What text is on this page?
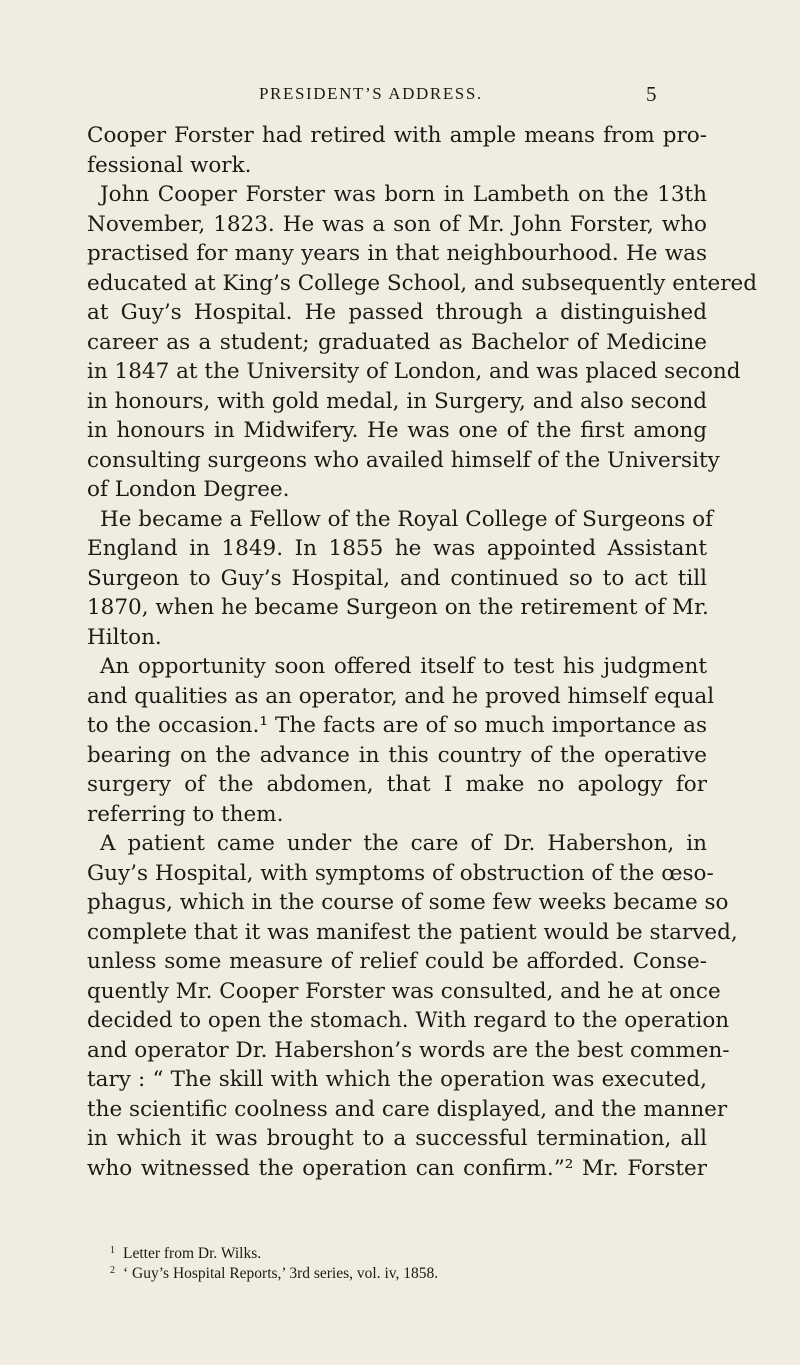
PRESIDENT’S ADDRESS.	5
Cooper Forster had retired with ample means from pro-
fessional work.
John Cooper Forster was born in Lambeth on the 13th
November, 1823. He was a son of Mr. John Forster, who
practised for many years in that neighbourhood. He was
educated at King’s College School, and subsequently entered
at Guy’s Hospital. He passed through a distinguished
career as a student; graduated as Bachelor of Medicine
in 1847 at the University of London, and was placed second
in honours, with gold medal, in Surgery, and also second
in honours in Midwifery. He was one of the first among
consulting surgeons who availed himself of the University
of London Degree.
He became a Fellow of the Royal College of Surgeons of
England in 1849. In 1855 he was appointed Assistant
Surgeon to Guy’s Hospital, and continued so to act till
1870, when he became Surgeon on the retirement of Mr.
Hilton.
An opportunity soon offered itself to test his judgment
and qualities as an operator, and he proved himself equal
to the occasion.¹ The facts are of so much importance as
bearing on the advance in this country of the operative
surgery of the abdomen, that I make no apology for
referring to them.
A patient came under the care of Dr. Habershon, in
Guy’s Hospital, with symptoms of obstruction of the œso-
phagus, which in the course of some few weeks became so
complete that it was manifest the patient would be starved,
unless some measure of relief could be afforded. Conse-
quently Mr. Cooper Forster was consulted, and he at once
decided to open the stomach. With regard to the operation
and operator Dr. Habershon’s words are the best commen-
tary : “ The skill with which the operation was executed,
the scientific coolness and care displayed, and the manner
in which it was brought to a successful termination, all
who witnessed the operation can confirm.”² Mr. Forster
$^1$ Letter from Dr. Wilks.
$^2$ ‘ Guy’s Hospital Reports,’ 3rd series, vol. iv, 1858.
